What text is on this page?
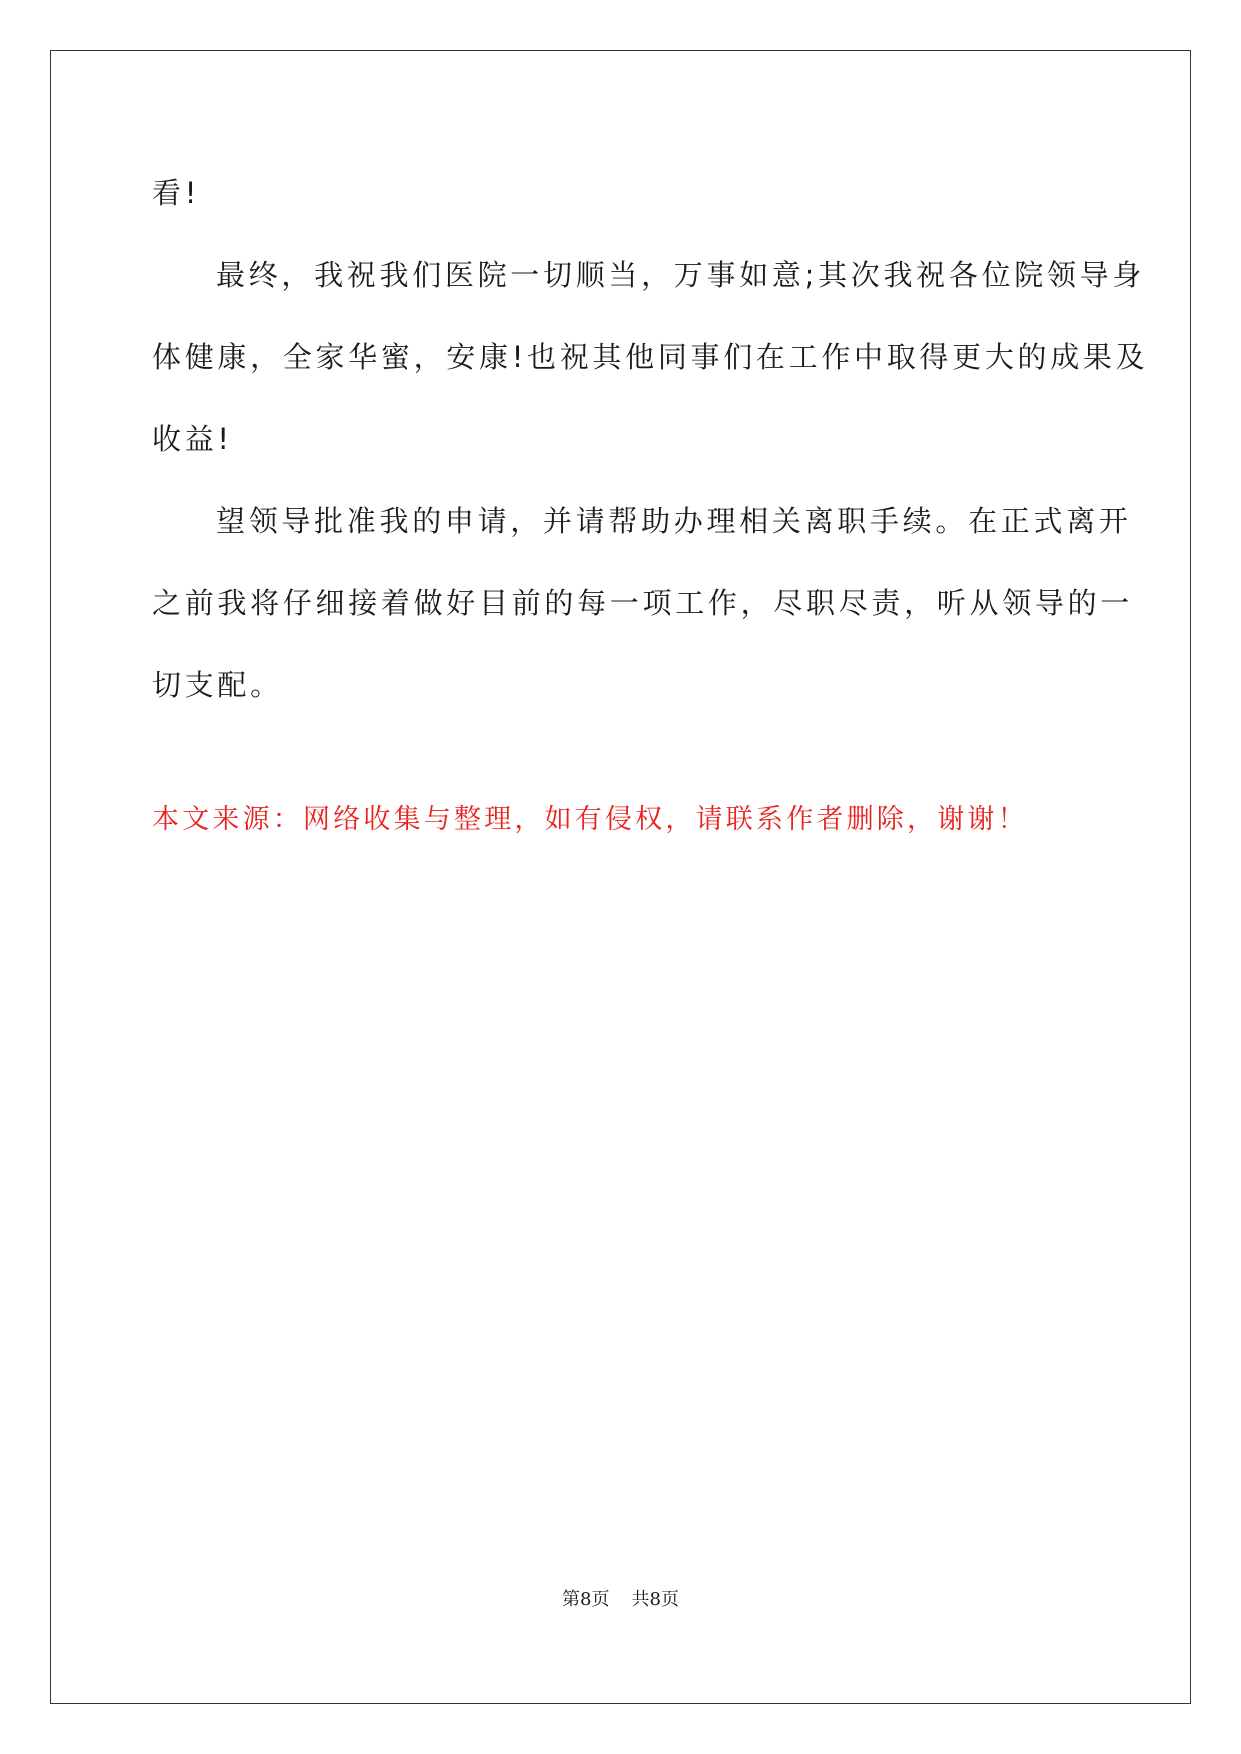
看!

最终，我祝我们医院一切顺当，万事如意;其次我祝各位院领导身
体健康，全家华蜜，安康!也祝其他同事们在工作中取得更大的成果及
收益!

望领导批准我的申请，并请帮助办理相关离职手续。在正式离开
之前我将仔细接着做好目前的每一项工作，尽职尽责，听从领导的一
切支配。

本文来源：网络收集与整理，如有侵权，请联系作者删除，谢谢！

第8页 共8页
